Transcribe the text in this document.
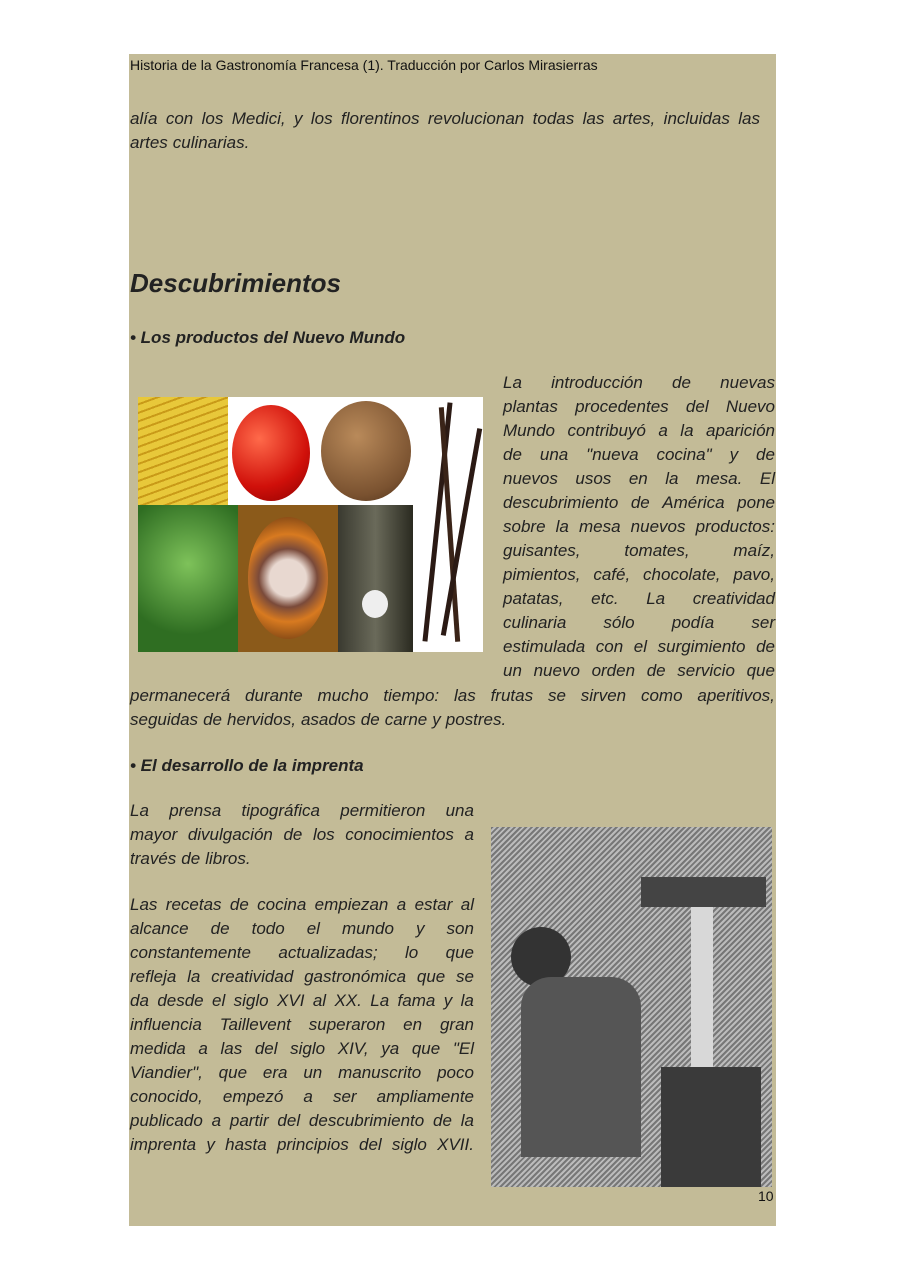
Historia de la Gastronomía Francesa (1). Traducción por Carlos Mirasierras
alía con los Medici, y los florentinos revolucionan todas las artes, incluidas las
artes culinarias.
Descubrimientos
• Los productos del Nuevo Mundo
La introducción de nuevas
plantas procedentes del Nuevo
Mundo contribuyó a la aparición
de una "nueva cocina" y de
nuevos usos en la mesa. El
descubrimiento de América pone
sobre la mesa nuevos productos:
guisantes,	tomates,	maíz,
pimientos, café, chocolate, pavo,
patatas, etc. La creatividad
culinaria sólo podía ser
estimulada con el surgimiento de
un nuevo orden de servicio que
permanecerá durante mucho tiempo: las frutas se sirven como aperitivos,
seguidas de hervidos, asados de carne y postres.
• El desarrollo de la imprenta
La prensa tipográfica permitieron una
mayor divulgación de los conocimientos a
través de libros.
Las recetas de cocina empiezan a estar al
alcance de todo el mundo y son
constantemente actualizadas; lo que
refleja la creatividad gastronómica que se
da desde el siglo XVI al XX. La fama y la
influencia Taillevent superaron en gran
medida a las del siglo XIV, ya que "El
Viandier", que era un manuscrito poco
conocido, empezó a ser ampliamente
publicado a partir del descubrimiento de la
imprenta y hasta principios del siglo XVII.
10
